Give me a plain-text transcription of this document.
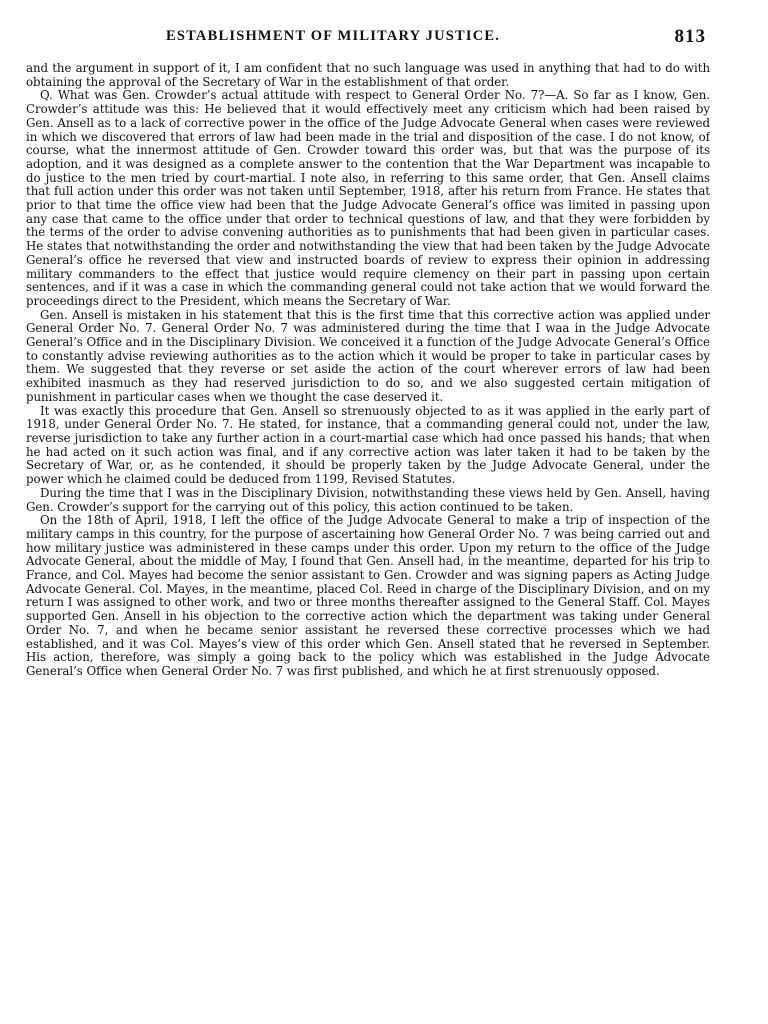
ESTABLISHMENT OF MILITARY JUSTICE.	813

and the argument in support of it, I am confident that no such language was used in anything that had to do with obtaining the approval of the Secretary of War in the establishment of that order.

Q. What was Gen. Crowder’s actual attitude with respect to General Order No. 7?—A. So far as I know, Gen. Crowder’s attitude was this: He believed that it would effectively meet any criticism which had been raised by Gen. Ansell as to a lack of corrective power in the office of the Judge Advocate General when cases were reviewed in which we discovered that errors of law had been made in the trial and disposition of the case. I do not know, of course, what the innermost attitude of Gen. Crowder toward this order was, but that was the purpose of its adoption, and it was designed as a complete answer to the contention that the War Department was incapable to do justice to the men tried by court-martial. I note also, in referring to this same order, that Gen. Ansell claims that full action under this order was not taken until September, 1918, after his return from France. He states that prior to that time the office view had been that the Judge Advocate General’s office was limited in passing upon any case that came to the office under that order to technical questions of law, and that they were forbidden by the terms of the order to advise convening authorities as to punishments that had been given in particular cases. He states that notwithstanding the order and notwithstanding the view that had been taken by the Judge Advocate General’s office he reversed that view and instructed boards of review to express their opinion in addressing military commanders to the effect that justice would require clemency on their part in passing upon certain sentences, and if it was a case in which the commanding general could not take action that we would forward the proceedings direct to the President, which means the Secretary of War.

Gen. Ansell is mistaken in his statement that this is the first time that this corrective action was applied under General Order No. 7. General Order No. 7 was administered during the time that I waa in the Judge Advocate General’s Office and in the Disciplinary Division. We conceived it a function of the Judge Advocate General’s Office to constantly advise reviewing authorities as to the action which it would be proper to take in particular cases by them. We suggested that they reverse or set aside the action of the court wherever errors of law had been exhibited inasmuch as they had reserved jurisdiction to do so, and we also suggested certain mitigation of punishment in particular cases when we thought the case deserved it.

It was exactly this procedure that Gen. Ansell so strenuously objected to as it was applied in the early part of 1918, under General Order No. 7. He stated, for instance, that a commanding general could not, under the law, reverse jurisdiction to take any further action in a court-martial case which had once passed his hands; that when he had acted on it such action was final, and if any corrective action was later taken it had to be taken by the Secretary of War, or, as he contended, it should be properly taken by the Judge Advocate General, under the power which he claimed could be deduced from 1199, Revised Statutes.

During the time that I was in the Disciplinary Division, notwithstanding these views held by Gen. Ansell, having Gen. Crowder’s support for the carrying out of this policy, this action continued to be taken.

On the 18th of April, 1918, I left the office of the Judge Advocate General to make a trip of inspection of the military camps in this country, for the purpose of ascertaining how General Order No. 7 was being carried out and how military justice was administered in these camps under this order. Upon my return to the office of the Judge Advocate General, about the middle of May, I found that Gen. Ansell had, in the meantime, departed for his trip to France, and Col. Mayes had become the senior assistant to Gen. Crowder and was signing papers as Acting Judge Advocate General. Col. Mayes, in the meantime, placed Col. Reed in charge of the Disciplinary Division, and on my return I was assigned to other work, and two or three months thereafter assigned to the General Staff. Col. Mayes supported Gen. Ansell in his objection to the corrective action which the department was taking under General Order No. 7, and when he became senior assistant he reversed these corrective processes which we had established, and it was Col. Mayes’s view of this order which Gen. Ansell stated that he reversed in September. His action, therefore, was simply a going back to the policy which was established in the Judge Advocate General’s Office when General Order No. 7 was first published, and which he at first strenuously opposed.
